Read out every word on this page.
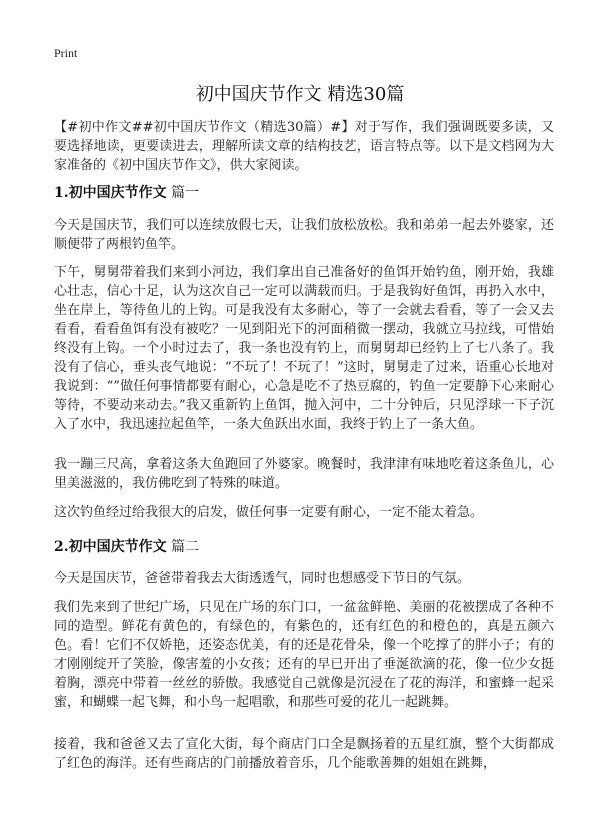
Print
初中国庆节作文 精选30篇

【#初中作文##初中国庆节作文（精选30篇）#】对于写作，我们强调既要多读，又要选择地读，更要读进去，理解所读文章的结构技艺，语言特点等。以下是文档网为大家准备的《初中国庆节作文》，供大家阅读。

1.初中国庆节作文 篇一

今天是国庆节，我们可以连续放假七天，让我们放松放松。我和弟弟一起去外婆家，还顺便带了两根钓鱼竿。

下午，舅舅带着我们来到小河边，我们拿出自己准备好的鱼饵开始钓鱼，刚开始，我雄心壮志，信心十足，认为这次自己一定可以满载而归。于是我钩好鱼饵，再扔入水中，坐在岸上，等待鱼儿的上钩。可是我没有太多耐心，等了一会就去看看，等了一会又去看看，看看鱼饵有没有被吃？一见到阳光下的河面稍微一摆动，我就立马拉线，可惜始终没有上钩。一个小时过去了，我一条也没有钓上，而舅舅却已经钓上了七八条了。我没有了信心，垂头丧气地说：“不玩了！不玩了！”这时，舅舅走了过来，语重心长地对我说到：“”做任何事情都要有耐心，心急是吃不了热豆腐的，钓鱼一定要静下心来耐心等待，不要动来动去。”我又重新钓上鱼饵，抛入河中，二十分钟后，只见浮球一下子沉入了水中，我迅速拉起鱼竿，一条大鱼跃出水面，我终于钓上了一条大鱼。

我一蹦三尺高，拿着这条大鱼跑回了外婆家。晚餐时，我津津有味地吃着这条鱼儿，心里美滋滋的，我仿佛吃到了特殊的味道。

这次钓鱼经过给我很大的启发，做任何事一定要有耐心，一定不能太着急。

2.初中国庆节作文 篇二

今天是国庆节，爸爸带着我去大街透透气，同时也想感受下节日的气氛。

我们先来到了世纪广场，只见在广场的东门口，一盆盆鲜艳、美丽的花被摆成了各种不同的造型。鲜花有黄色的，有绿色的，有紫色的，还有红色的和橙色的，真是五颜六色。看！它们不仅娇艳，还姿态优美，有的还是花骨朵，像一个吃撑了的胖小子；有的才刚刚绽开了笑脸，像害羞的小女孩；还有的早已开出了垂涎欲滴的花，像一位少女挺着胸，漂亮中带着一丝丝的骄傲。我感觉自己就像是沉浸在了花的海洋，和蜜蜂一起采蜜，和蝴蝶一起飞舞，和小鸟一起唱歌，和那些可爱的花儿一起跳舞。

接着，我和爸爸又去了宣化大街，每个商店门口全是飘扬着的五星红旗，整个大街都成了红色的海洋。还有些商店的门前播放着音乐，几个能歌善舞的姐姐在跳舞，
